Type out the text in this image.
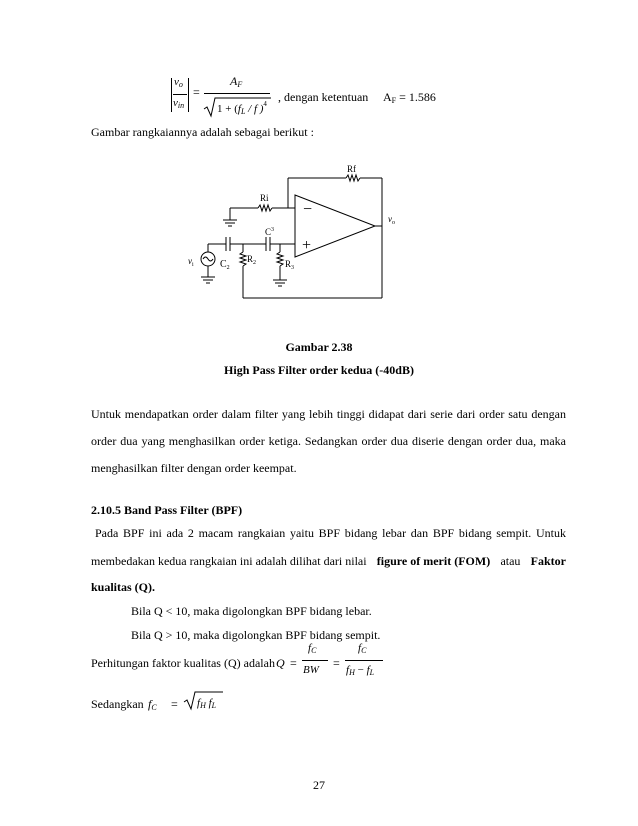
$v_o$
$v_{in}$
=
$A_F$
$1 + (f_L / f$ )$^4$ , dengan ketentuan $A_F = 1.586$
Gambar rangkaiannya adalah sebagai berikut :
Rf
Ri
$C^3$
−
+
$v_o$
$v_i$	$C_2$
$R_2$	$R_3$
Gambar 2.38
High Pass Filter order kedua (-40dB)
Untuk mendapatkan order dalam filter yang lebih tinggi didapat dari serie dari order satu dengan
order dua yang menghasilkan order ketiga. Sedangkan order dua diserie dengan order dua, maka
menghasilkan filter dengan order keempat.
2.10.5 Band Pass Filter (BPF)
Pada BPF ini ada 2 macam rangkaian yaitu BPF bidang lebar dan BPF bidang sempit. Untuk
membedakan kedua rangkaian ini adalah dilihat dari nilai figure of merit (FOM) atau Faktor
kualitas (Q).
Bila Q < 10, maka digolongkan BPF bidang lebar.
Bila Q > 10, maka digolongkan BPF bidang sempit.
Perhitungan faktor kualitas (Q) adalah Q =
$f_C$
BW =
$f_C$
$f_H - f_L$
Sedangkan $f_C = f_H$ $f_L$
27
